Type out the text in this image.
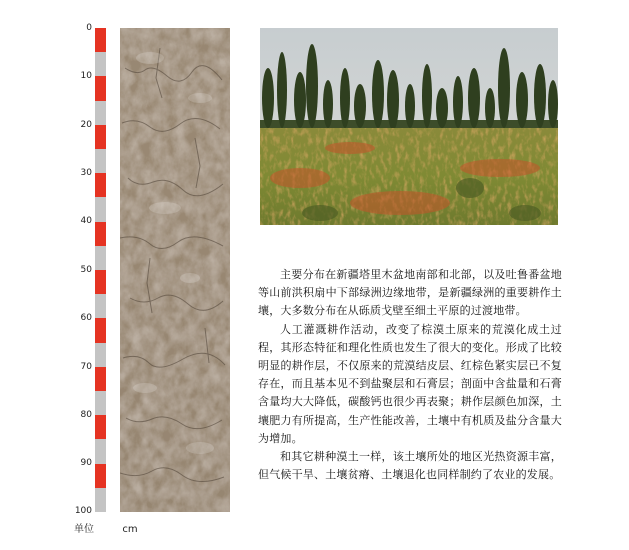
0
10
20
30
40
50
60
70
80
90
100
单位	cm

主要分布在新疆塔里木盆地南部和北部，以及吐鲁番盆地等山前洪积扇中下部绿洲边缘地带，是新疆绿洲的重要耕作土壤，大多数分布在从砾质戈壁至细土平原的过渡地带。

人工灌溉耕作活动，改变了棕漠土原来的荒漠化成土过程，其形态特征和理化性质也发生了很大的变化。形成了比较明显的耕作层，不仅原来的荒漠结皮层、红棕色紧实层已不复存在，而且基本见不到盐聚层和石膏层；剖面中含盐量和石膏含量均大大降低，碳酸钙也很少再表聚；耕作层颜色加深，土壤肥力有所提高，生产性能改善，土壤中有机质及盐分含量大为增加。

和其它耕种漠土一样，该土壤所处的地区光热资源丰富，但气候干旱、土壤贫瘠、土壤退化也同样制约了农业的发展。
